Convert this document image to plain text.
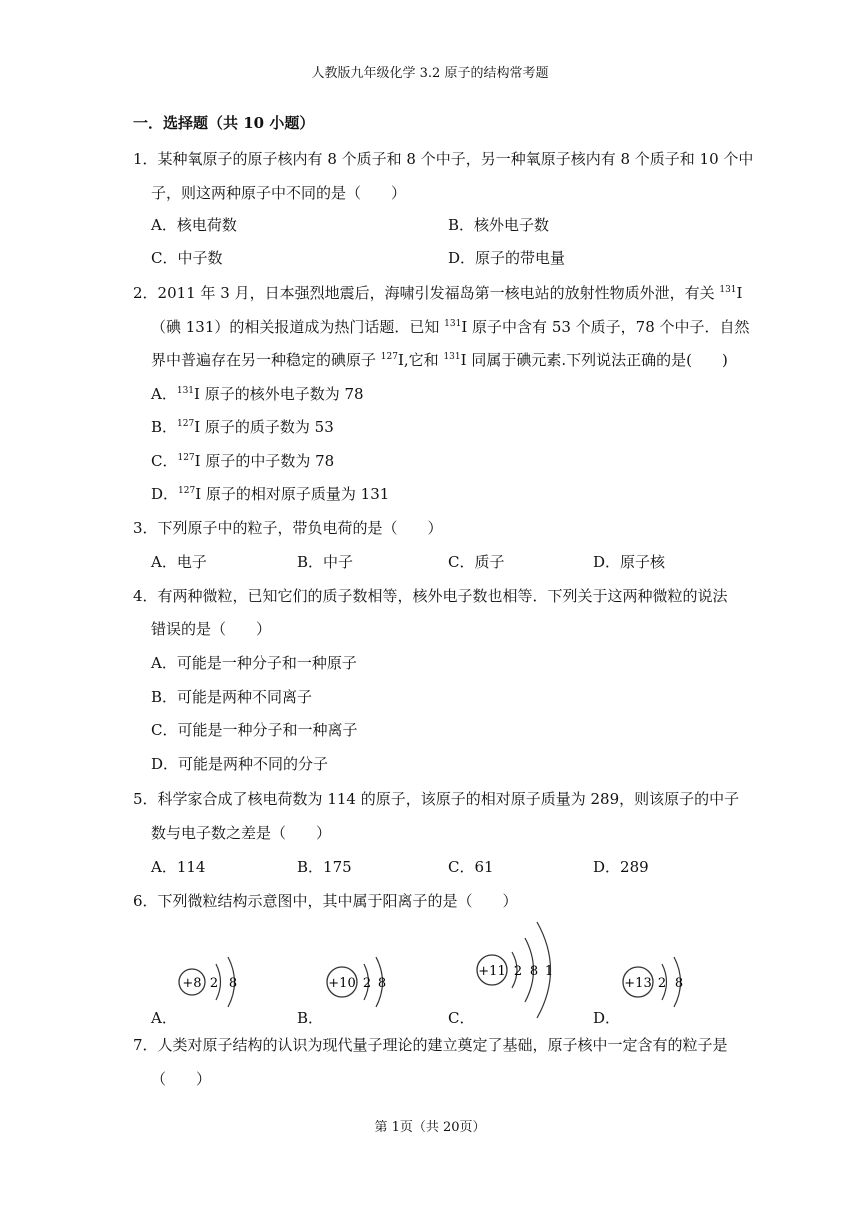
人教版九年级化学 3.2 原子的结构常考题
一．选择题（共 10 小题）
1．某种氧原子的原子核内有 8 个质子和 8 个中子，另一种氧原子核内有 8 个质子和 10 个中
子，则这两种原子中不同的是（　　）
A．核电荷数	B．核外电子数
C．中子数	D．原子的带电量
2．2011 年 3 月，日本强烈地震后，海啸引发福岛第一核电站的放射性物质外泄，有关 $^{131}$I
（碘 131）的相关报道成为热门话题．已知 $^{131}$I 原子中含有 53 个质子，78 个中子．自然
界中普遍存在另一种稳定的碘原子 $^{127}$I,它和 $^{131}$I 同属于碘元素.下列说法正确的是(　　)
A．$^{131}$I 原子的核外电子数为 78
B．$^{127}$I 原子的质子数为 53
C．$^{127}$I 原子的中子数为 78
D．$^{127}$I 原子的相对原子质量为 131
3．下列原子中的粒子，带负电荷的是（　　）
A．电子	B．中子	C．质子	D．原子核
4．有两种微粒，已知它们的质子数相等，核外电子数也相等．下列关于这两种微粒的说法
错误的是（　　）
A．可能是一种分子和一种原子
B．可能是两种不同离子
C．可能是一种分子和一种离子
D．可能是两种不同的分子
5．科学家合成了核电荷数为 114 的原子，该原子的相对原子质量为 289，则该原子的中子
数与电子数之差是（　　）
A．114	B．175	C．61	D．289
6．下列微粒结构示意图中，其中属于阳离子的是（　　）
+8 2 8
A．
+10 2 8
B．
+11 2 8 1
C．
+13 2 8
D．
7．人类对原子结构的认识为现代量子理论的建立奠定了基础，原子核中一定含有的粒子是
（　　）
第 1页（共 20页）
